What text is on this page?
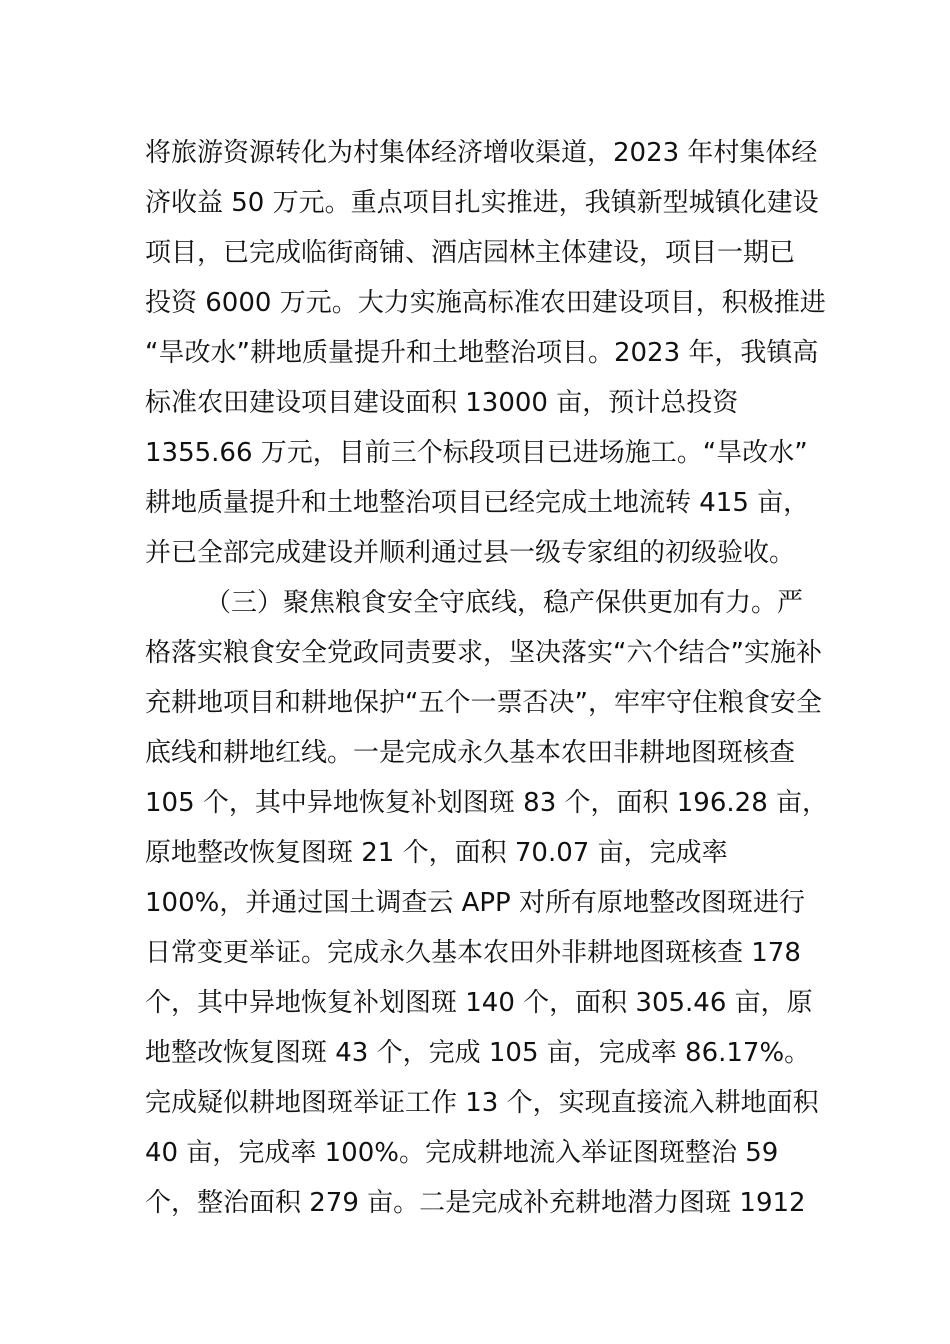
将旅游资源转化为村集体经济增收渠道，2023 年村集体经
济收益 50 万元。重点项目扎实推进，我镇新型城镇化建设
项目，已完成临街商铺、酒店园林主体建设，项目一期已
投资 6000 万元。大力实施高标准农田建设项目，积极推进
“旱改水”耕地质量提升和土地整治项目。2023 年，我镇高
标准农田建设项目建设面积 13000 亩，预计总投资
1355.66 万元，目前三个标段项目已进场施工。“旱改水”
耕地质量提升和土地整治项目已经完成土地流转 415 亩，
并已全部完成建设并顺利通过县一级专家组的初级验收。
（三）聚焦粮食安全守底线，稳产保供更加有力。严
格落实粮食安全党政同责要求，坚决落实“六个结合”实施补
充耕地项目和耕地保护“五个一票否决”，牢牢守住粮食安全
底线和耕地红线。一是完成永久基本农田非耕地图斑核查
105 个，其中异地恢复补划图斑 83 个，面积 196.28 亩，
原地整改恢复图斑 21 个，面积 70.07 亩，完成率
100%，并通过国土调查云 APP 对所有原地整改图斑进行
日常变更举证。完成永久基本农田外非耕地图斑核查 178
个，其中异地恢复补划图斑 140 个，面积 305.46 亩，原
地整改恢复图斑 43 个，完成 105 亩，完成率 86.17%。
完成疑似耕地图斑举证工作 13 个，实现直接流入耕地面积
40 亩，完成率 100%。完成耕地流入举证图斑整治 59
个，整治面积 279 亩。二是完成补充耕地潜力图斑 1912
